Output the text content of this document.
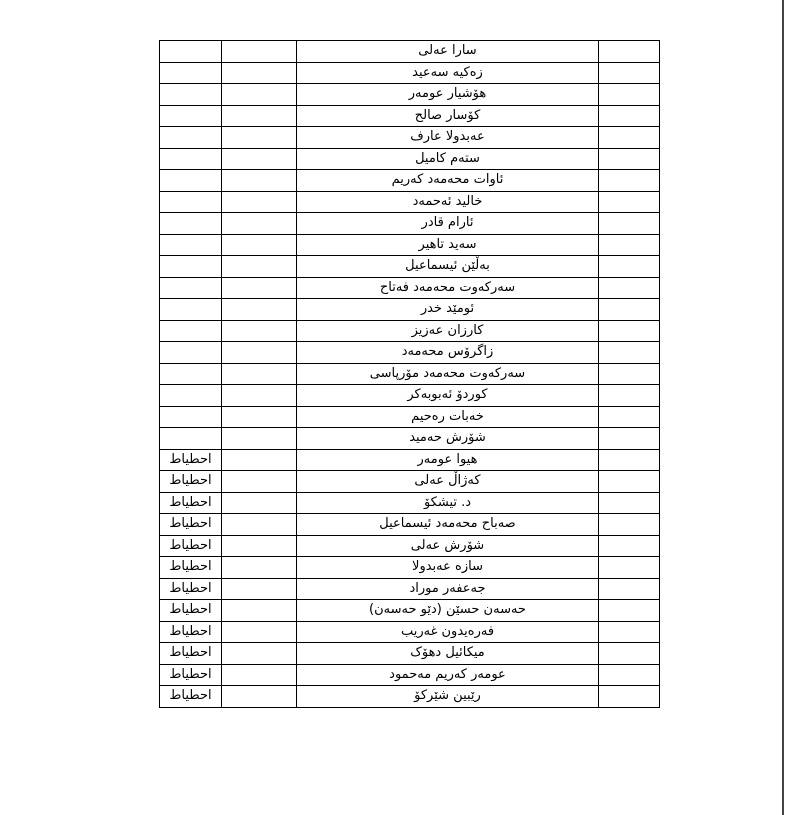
		سارا عەلی	
		زەکیە سەعید	
		هۆشیار عومەر	
		کۆسار صالح	
		عەبدولا عارف	
		ستەم کامیل	
		ئاوات محەمەد کەریم	
		خالید ئەحمەد	
		ئارام قادر	
		سەید تاهیر	
		بەڵێن ئیسماعیل	
		سەرکەوت محەمەد فەتاح	
		ئومێد خدر	
		کارزان عەزیز	
		زاگرۆس محەمەد	
		سەرکەوت محەمەد مۆرپاسی	
		کوردۆ ئەبوبەکر	
		خەبات رەحیم	
		شۆرش حەمید	
احطياط		هیوا عومەر	
احطياط		کەژاڵ عەلی	
احطياط		د. تیشکۆ	
احطياط		صەباح محەمەد ئیسماعیل	
احطياط		شۆرش عەلی	
احطياط		سازە عەبدولا	
احطياط		جەعفەر موراد	
احطياط		حەسەن حسێن (دێو حەسەن)	
احطياط		فەرەیدون غەریب	
احطياط		میکائیل دهۆک	
احطياط		عومەر کەریم مەحمود	
احطياط		رێبین شێرکۆ	
